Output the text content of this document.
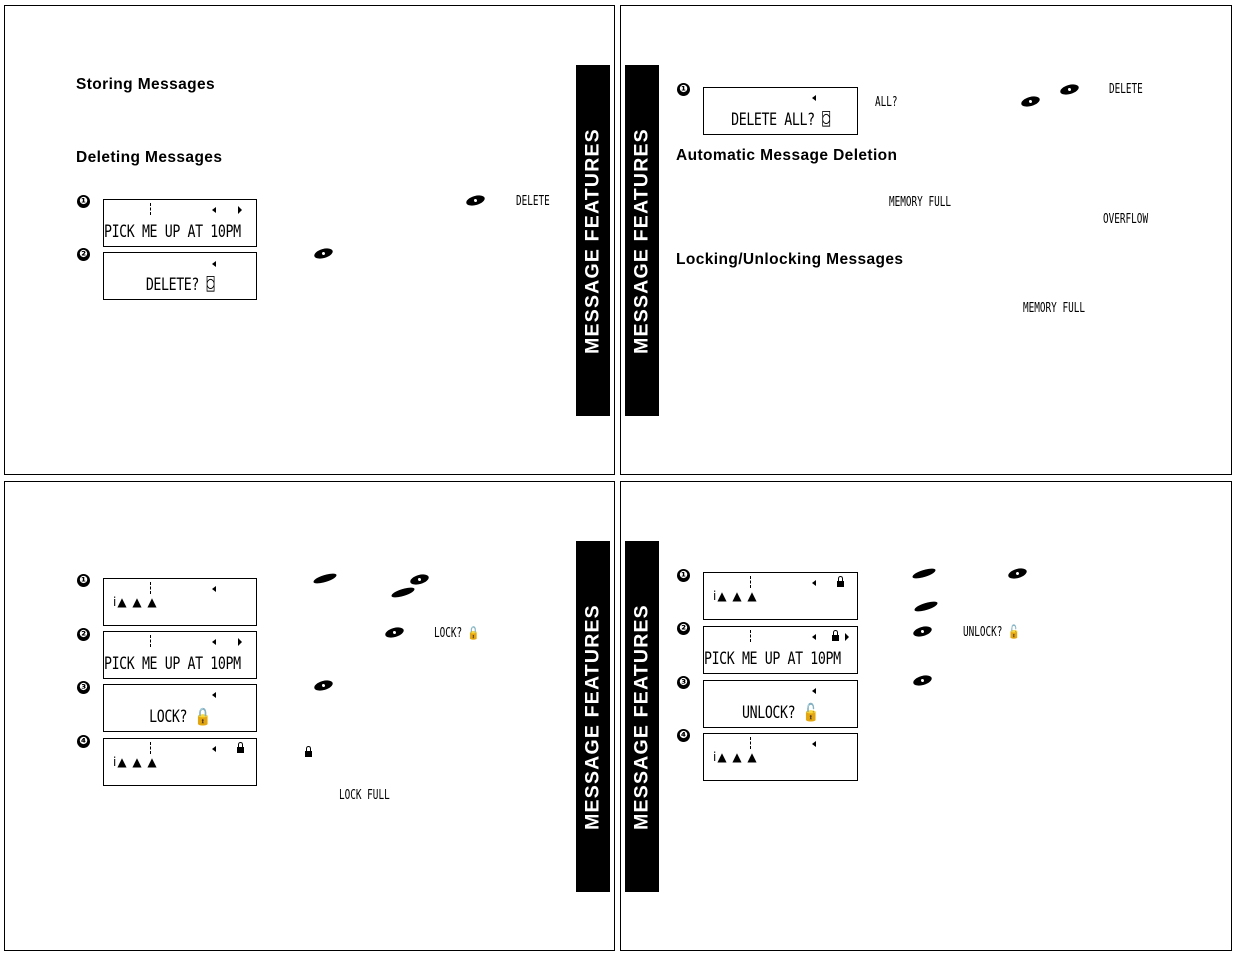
Storing Messages
Deleting Messages
❶
PICK ME UP AT 10PM
DELETE
❷
DELETE? ⌼	MESSAGE FEATURES MESSAGE FEATURES
❶
DELETE ALL? ⌼
ALL?
DELETE
Automatic Message Deletion
MEMORY FULL
OVERFLOW
Locking/Unlocking Messages
MEMORY FULL
❶
i▲ ▲ ▲
❷
PICK ME UP AT 10PM
LOCK? 🔒
❸
LOCK? 🔒
❹
i▲ ▲ ▲
LOCK FULL	MESSAGE FEATURES MESSAGE FEATURES
❶
i▲ ▲ ▲
❷
PICK ME UP AT 10PM
UNLOCK? 🔓
❸
UNLOCK? 🔓
❹
i▲ ▲ ▲
